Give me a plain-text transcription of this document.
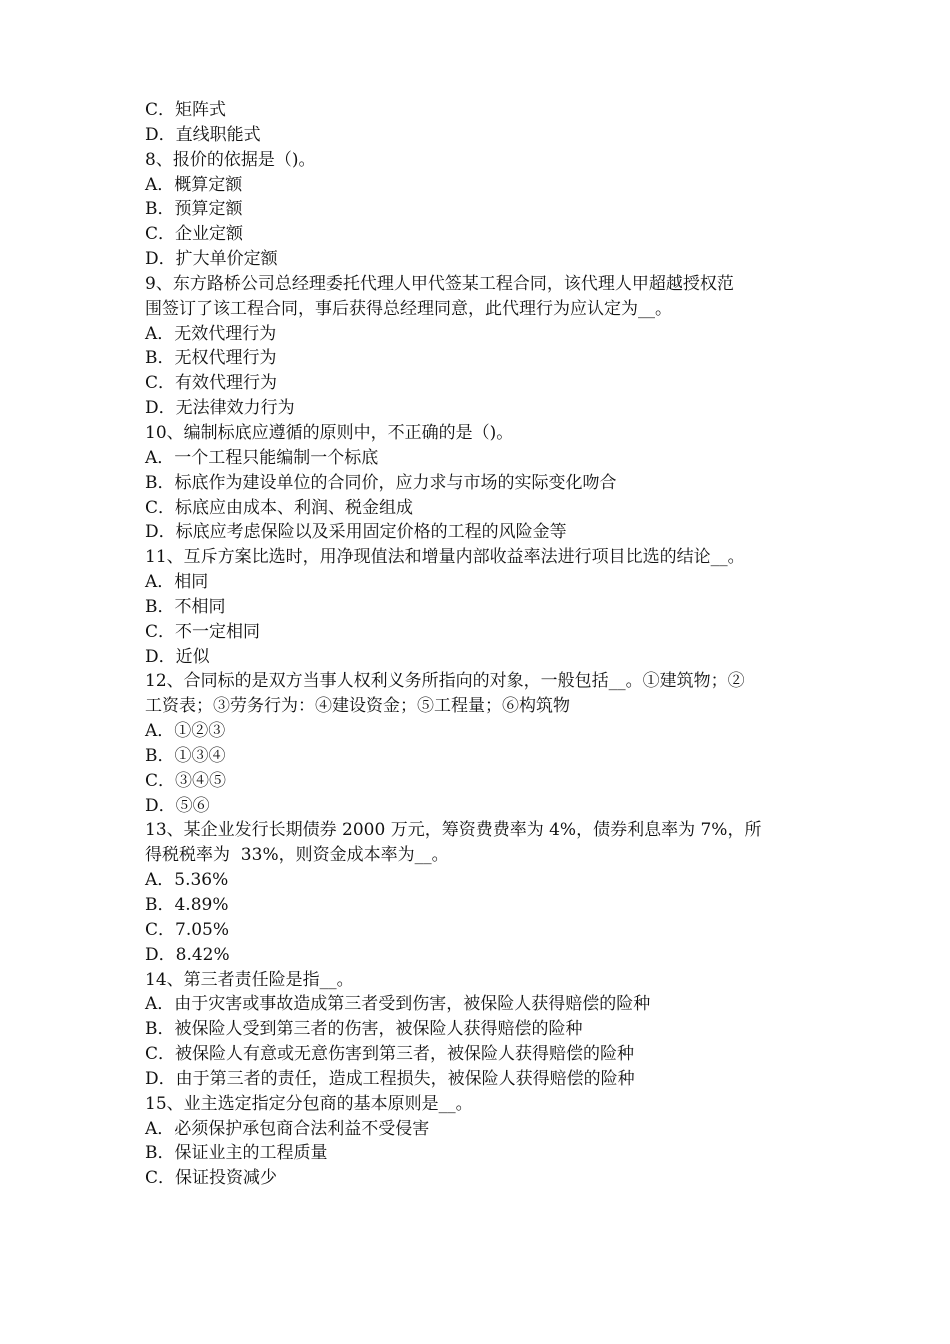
C．矩阵式

D．直线职能式

8、报价的依据是（)。

A．概算定额

B．预算定额

C．企业定额

D．扩大单价定额

9、东方路桥公司总经理委托代理人甲代签某工程合同，该代理人甲超越授权范

围签订了该工程合同，事后获得总经理同意，此代理行为应认定为__。

A．无效代理行为

B．无权代理行为

C．有效代理行为

D．无法律效力行为

10、编制标底应遵循的原则中，不正确的是（)。

A．一个工程只能编制一个标底

B．标底作为建设单位的合同价，应力求与市场的实际变化吻合

C．标底应由成本、利润、税金组成

D．标底应考虑保险以及采用固定价格的工程的风险金等

11、互斥方案比选时，用净现值法和增量内部收益率法进行项目比选的结论__。

A．相同

B．不相同

C．不一定相同

D．近似

12、合同标的是双方当事人权利义务所指向的对象，一般包括__。①建筑物；②

工资表；③劳务行为：④建设资金；⑤工程量；⑥构筑物

A．①②③

B．①③④

C．③④⑤

D．⑤⑥

13、某企业发行长期债券 2000 万元，筹资费费率为 4%，债券利息率为 7%，所

得税税率为  33%，则资金成本率为__。

A．5.36%

B．4.89%

C．7.05%

D．8.42%

14、第三者责任险是指__。

A．由于灾害或事故造成第三者受到伤害，被保险人获得赔偿的险种

B．被保险人受到第三者的伤害，被保险人获得赔偿的险种

C．被保险人有意或无意伤害到第三者，被保险人获得赔偿的险种

D．由于第三者的责任，造成工程损失，被保险人获得赔偿的险种

15、业主选定指定分包商的基本原则是__。

A．必须保护承包商合法利益不受侵害

B．保证业主的工程质量

C．保证投资减少
